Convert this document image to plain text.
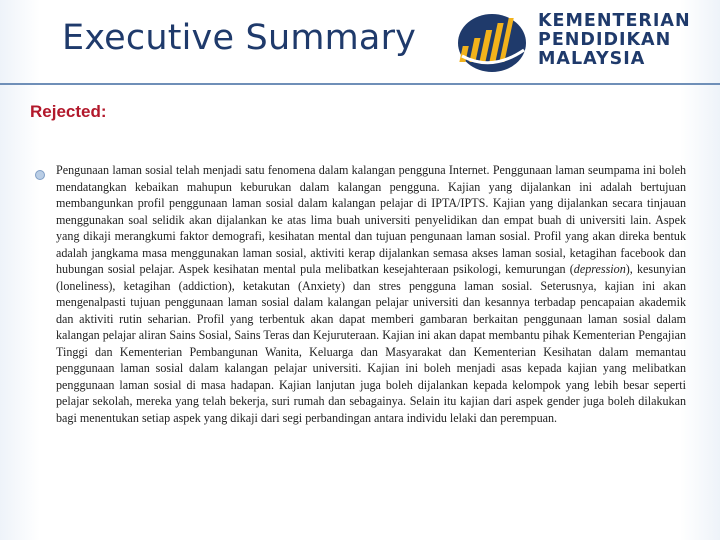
Executive Summary	KEMENTERIAN
PENDIDIKAN
MALAYSIA
Rejected:
Pengunaan laman sosial telah menjadi satu fenomena dalam kalangan pengguna Internet. Penggunaan laman seumpama ini boleh mendatangkan kebaikan mahupun keburukan dalam kalangan pengguna. Kajian yang dijalankan ini adalah bertujuan membangunkan profil penggunaan laman sosial dalam kalangan pelajar di IPTA/IPTS. Kajian yang dijalankan secara tinjauan menggunakan soal selidik akan dijalankan ke atas lima buah universiti penyelidikan dan empat buah di universiti lain. Aspek yang dikaji merangkumi faktor demografi, kesihatan mental dan tujuan pengunaan laman sosial. Profil yang akan direka bentuk adalah jangkama masa menggunakan laman sosial, aktiviti kerap dijalankan semasa akses laman sosial, ketagihan facebook dan hubungan sosial pelajar. Aspek kesihatan mental pula melibatkan kesejahteraan psikologi, kemurungan (depression), kesunyian (loneliness), ketagihan (addiction), ketakutan (Anxiety) dan stres pengguna laman sosial. Seterusnya, kajian ini akan mengenalpasti tujuan penggunaan laman sosial dalam kalangan pelajar universiti dan kesannya terbadap pencapaian akademik dan aktiviti rutin seharian. Profil yang terbentuk akan dapat memberi gambaran berkaitan penggunaan laman sosial dalam kalangan pelajar aliran Sains Sosial, Sains Teras dan Kejuruteraan. Kajian ini akan dapat membantu pihak Kementerian Pengajian Tinggi dan Kementerian Pembangunan Wanita, Keluarga dan Masyarakat dan Kementerian Kesihatan dalam memantau penggunaan laman sosial dalam kalangan pelajar universiti. Kajian ini boleh menjadi asas kepada kajian yang melibatkan penggunaan laman sosial di masa hadapan. Kajian lanjutan juga boleh dijalankan kepada kelompok yang lebih besar seperti pelajar sekolah, mereka yang telah bekerja, suri rumah dan sebagainya. Selain itu kajian dari aspek gender juga boleh dilakukan bagi menentukan setiap aspek yang dikaji dari segi perbandingan antara individu lelaki dan perempuan.
